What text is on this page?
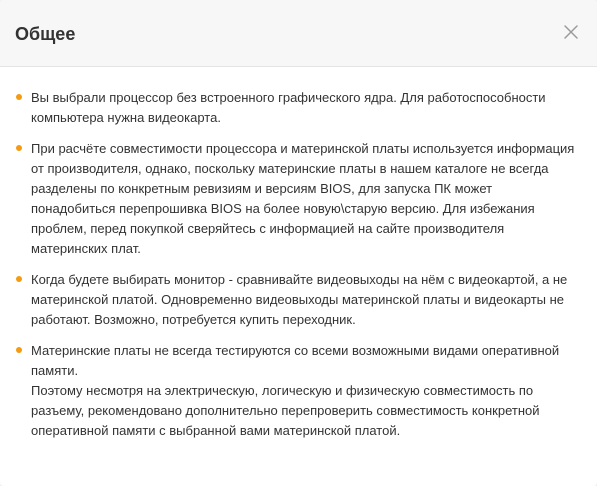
Общее
Вы выбрали процессор без встроенного графического ядра. Для работоспособности
компьютера нужна видеокарта.
При расчёте совместимости процессора и материнской платы используется информация
от производителя, однако, поскольку материнские платы в нашем каталоге не всегда
разделены по конкретным ревизиям и версиям BIOS, для запуска ПК может
понадобиться перепрошивка BIOS на более новую\старую версию. Для избежания
проблем, перед покупкой сверяйтесь с информацией на сайте производителя
материнских плат.
Когда будете выбирать монитор - сравнивайте видеовыходы на нём с видеокартой, а не
материнской платой. Одновременно видеовыходы материнской платы и видеокарты не
работают. Возможно, потребуется купить переходник.
Материнские платы не всегда тестируются со всеми возможными видами оперативной
памяти.
Поэтому несмотря на электрическую, логическую и физическую совместимость по
разъему, рекомендовано дополнительно перепроверить совместимость конкретной
оперативной памяти с выбранной вами материнской платой.
